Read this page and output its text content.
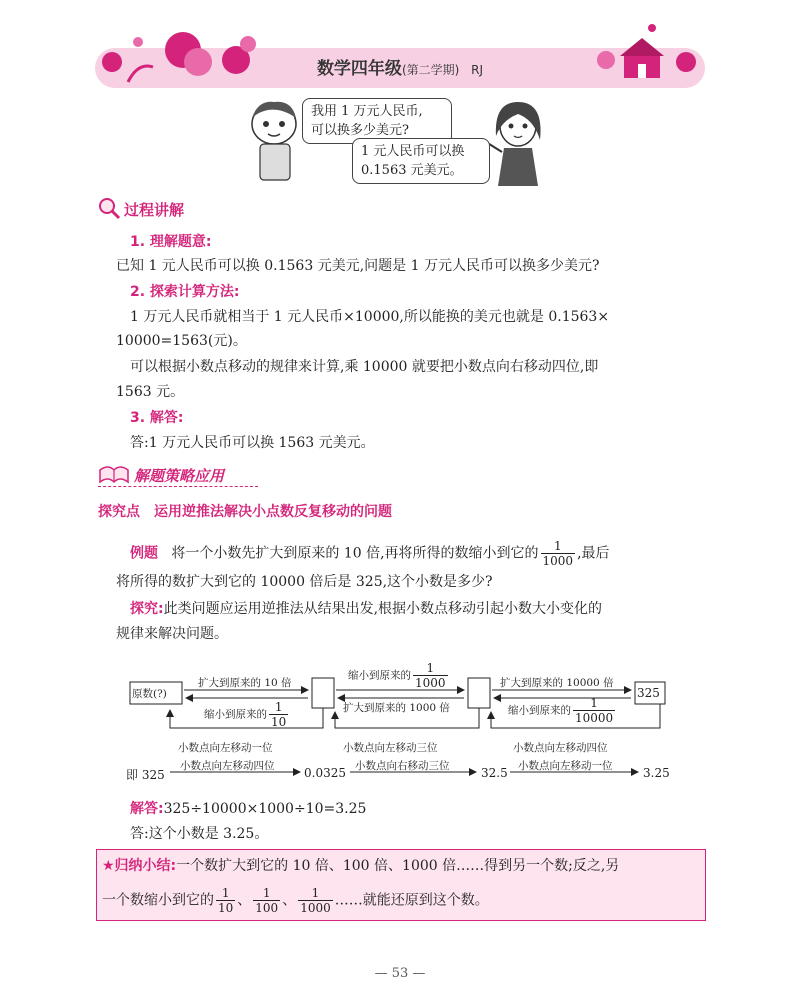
数学四年级(第二学期) RJ
我用 1 万元人民币,
可以换多少美元?
1 元人民币可以换
0.1563 元美元。
过程讲解
1. 理解题意:
已知 1 元人民币可以换 0.1563 元美元,问题是 1 万元人民币可以换多少美元?
2. 探索计算方法:
1 万元人民币就相当于 1 元人民币×10000,所以能换的美元也就是 0.1563×
10000=1563(元)。
可以根据小数点移动的规律来计算,乘 10000 就要把小数点向右移动四位,即
1563 元。
3. 解答:
答:1 万元人民币可以换 1563 元美元。
解题策略应用
探究点　运用逆推法解决小点数反复移动的问题
例题 将一个小数先扩大到原来的 10 倍,再将所得的数缩小到它的 $\frac{1}{1000}$ ,最后
将所得的数扩大到它的 10000 倍后是 325,这个小数是多少?
探究:此类问题应运用逆推法从结果出发,根据小数点移动引起小数大小变化的
规律来解决问题。
原数(?)	325
扩大到原来的 10 倍
缩小到原来的 $\frac{1}{10}$
缩小到原来的 $\frac{1}{1000}$
扩大到原来的 1000 倍
扩大到原来的 10000 倍
缩小到原来的 $\frac{1}{10000}$
小数点向左移动一位	小数点向左移动三位	小数点向左移动四位
即 325
小数点向左移动四位 0.0325 小数点向右移动三位	32.5 小数点向左移动一位	3.25
解答:325÷10000×1000÷10=3.25
答:这个小数是 3.25。
★归纳小结:一个数扩大到它的 10 倍、100 倍、1000 倍……得到另一个数;反之,另
一个数缩小到它的 $\frac{1}{10}$ 、 $\frac{1}{100}$ 、 $\frac{1}{1000}$ ……就能还原到这个数。
— 53 —
